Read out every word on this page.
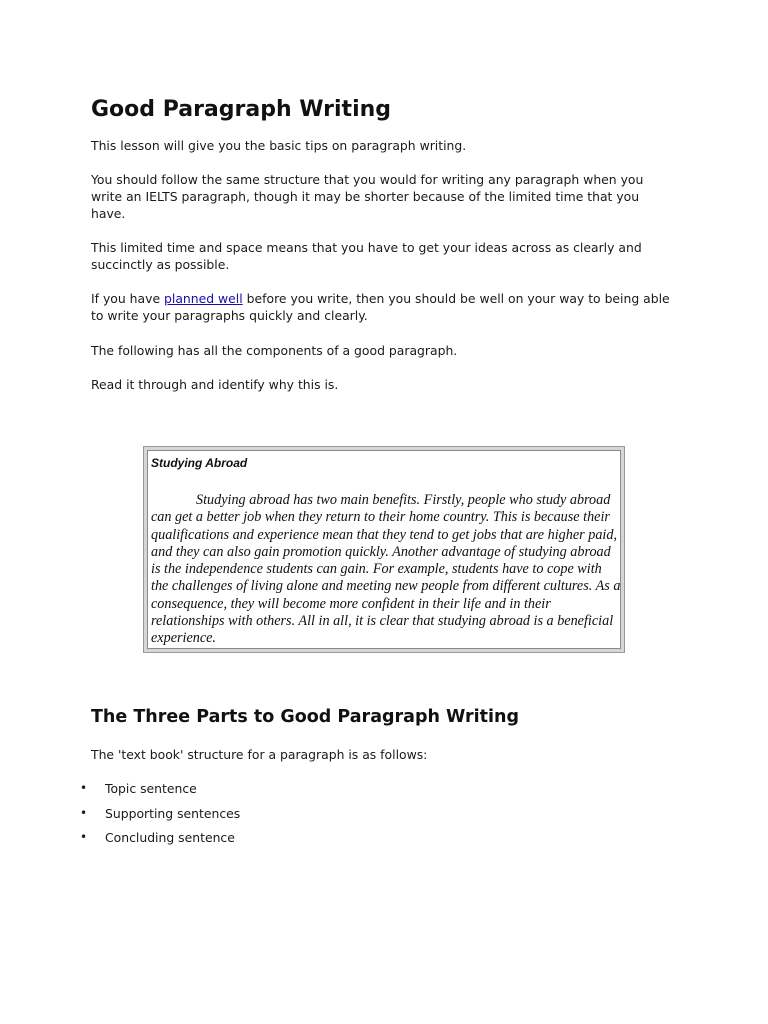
Good Paragraph Writing

This lesson will give you the basic tips on paragraph writing.

You should follow the same structure that you would for writing any paragraph when you write an IELTS paragraph, though it may be shorter because of the limited time that you have.

This limited time and space means that you have to get your ideas across as clearly and succinctly as possible.

If you have planned well before you write, then you should be well on your way to being able to write your paragraphs quickly and clearly.

The following has all the components of a good paragraph.

Read it through and identify why this is.

Studying Abroad

Studying abroad has two main benefits. Firstly, people who study abroad can get a better job when they return to their home country. This is because their qualifications and experience mean that they tend to get jobs that are higher paid, and they can also gain promotion quickly. Another advantage of studying abroad is the independence students can gain. For example, students have to cope with the challenges of living alone and meeting new people from different cultures. As a consequence, they will become more confident in their life and in their relationships with others. All in all, it is clear that studying abroad is a beneficial experience.

The Three Parts to Good Paragraph Writing

The 'text book' structure for a paragraph is as follows:

• Topic sentence
• Supporting sentences
• Concluding sentence
